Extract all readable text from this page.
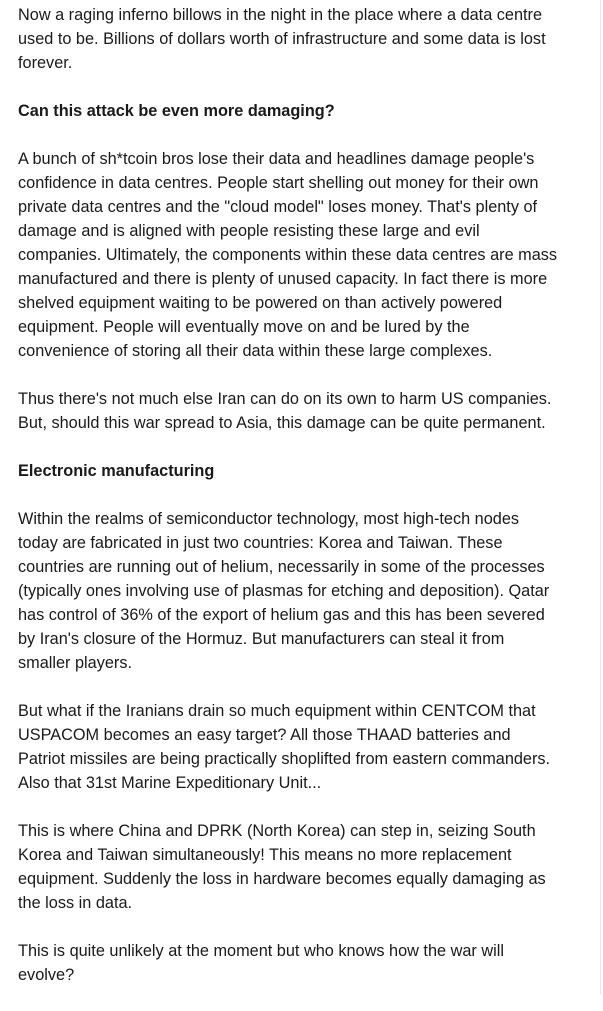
Now a raging inferno billows in the night in the place where a data centre
used to be. Billions of dollars worth of infrastructure and some data is lost
forever.

Can this attack be even more damaging?

A bunch of sh*tcoin bros lose their data and headlines damage people's
confidence in data centres. People start shelling out money for their own
private data centres and the "cloud model" loses money. That's plenty of
damage and is aligned with people resisting these large and evil
companies. Ultimately, the components within these data centres are mass
manufactured and there is plenty of unused capacity. In fact there is more
shelved equipment waiting to be powered on than actively powered
equipment. People will eventually move on and be lured by the
convenience of storing all their data within these large complexes.

Thus there's not much else Iran can do on its own to harm US companies.
But, should this war spread to Asia, this damage can be quite permanent.

Electronic manufacturing

Within the realms of semiconductor technology, most high-tech nodes
today are fabricated in just two countries: Korea and Taiwan. These
countries are running out of helium, necessarily in some of the processes
(typically ones involving use of plasmas for etching and deposition). Qatar
has control of 36% of the export of helium gas and this has been severed
by Iran's closure of the Hormuz. But manufacturers can steal it from
smaller players.

But what if the Iranians drain so much equipment within CENTCOM that
USPACOM becomes an easy target? All those THAAD batteries and
Patriot missiles are being practically shoplifted from eastern commanders.
Also that 31st Marine Expeditionary Unit...

This is where China and DPRK (North Korea) can step in, seizing South
Korea and Taiwan simultaneously! This means no more replacement
equipment. Suddenly the loss in hardware becomes equally damaging as
the loss in data.

This is quite unlikely at the moment but who knows how the war will
evolve?
